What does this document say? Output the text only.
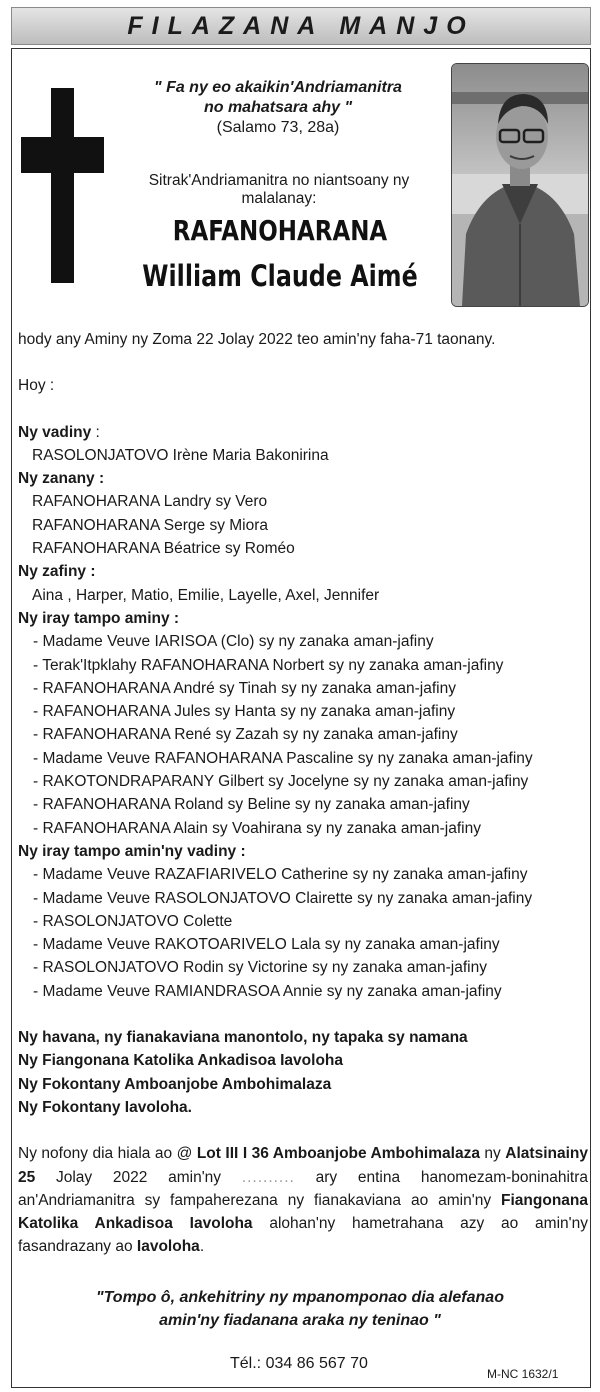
FILAZANA MANJO
" Fa ny eo akaikin'Andriamanitra
no mahatsara ahy "
(Salamo 73, 28a)
Sitrak'Andriamanitra no niantsoany ny malalanay:
RAFANOHARANA
William Claude Aimé

hody any Aminy ny Zoma 22 Jolay 2022 teo amin'ny faha-71 taonany.

Hoy :

Ny vadiny :
RASOLONJATOVO Irène Maria Bakonirina
Ny zanany :
RAFANOHARANA Landry sy Vero
RAFANOHARANA Serge sy Miora
RAFANOHARANA Béatrice sy Roméo
Ny zafiny :
Aina , Harper, Matio, Emilie, Layelle, Axel, Jennifer
Ny iray tampo aminy :
- Madame Veuve IARISOA (Clo) sy ny zanaka aman-jafiny
- Terak'Itpklahy RAFANOHARANA Norbert sy ny zanaka aman-jafiny
- RAFANOHARANA André sy Tinah sy ny zanaka aman-jafiny
- RAFANOHARANA Jules sy Hanta sy ny zanaka aman-jafiny
- RAFANOHARANA René sy Zazah sy ny zanaka aman-jafiny
- Madame Veuve RAFANOHARANA Pascaline sy ny zanaka aman-jafiny
- RAKOTONDRAPARANY Gilbert sy Jocelyne sy ny zanaka aman-jafiny
- RAFANOHARANA Roland sy Beline sy ny zanaka aman-jafiny
- RAFANOHARANA Alain sy Voahirana sy ny zanaka aman-jafiny
Ny iray tampo amin'ny vadiny :
- Madame Veuve RAZAFIARIVELO Catherine sy ny zanaka aman-jafiny
- Madame Veuve RASOLONJATOVO Clairette sy ny zanaka aman-jafiny
- RASOLONJATOVO Colette
- Madame Veuve RAKOTOARIVELO Lala sy ny zanaka aman-jafiny
- RASOLONJATOVO Rodin sy Victorine sy ny zanaka aman-jafiny
- Madame Veuve RAMIANDRASOA Annie sy ny zanaka aman-jafiny

Ny havana, ny fianakaviana manontolo, ny tapaka sy namana
Ny Fiangonana Katolika Ankadisoa Iavoloha
Ny Fokontany Amboanjobe Ambohimalaza
Ny Fokontany Iavoloha.

Ny nofony dia hiala ao @ Lot III I 36 Amboanjobe Ambohimalaza ny Alatsinainy 25 Jolay 2022 amin'ny .......... ary entina hanomezam-boninahitra an'Andriamanitra sy fampaherezana ny fianakaviana ao amin'ny Fiangonana Katolika Ankadisoa Iavoloha alohan'ny hametrahana azy ao amin'ny fasandrazany ao Iavoloha.

"Tompo ô, ankehitriny ny mpanomponao dia alefanao
amin'ny fiadanana araka ny teninao "
Tél.: 034 86 567 70
M-NC 1632/1
